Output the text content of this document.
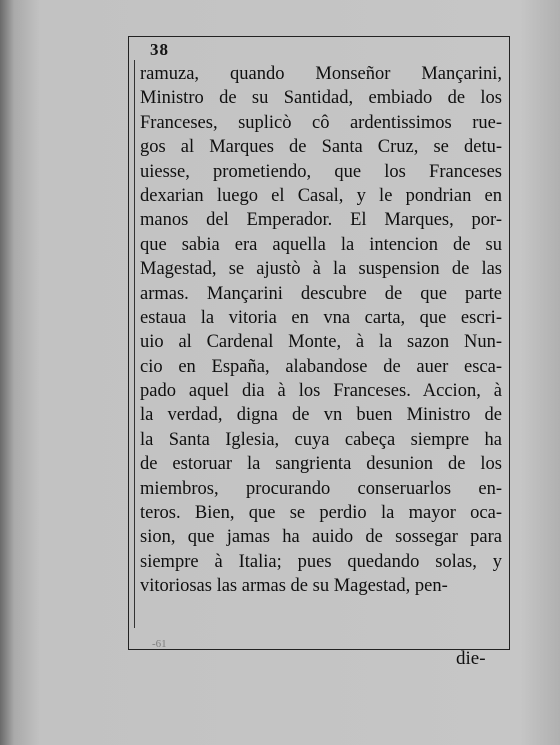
38
ramuza, quando Monseñor Mançarini,
Ministro de su Santidad, embiado de los
Franceses, suplicò cô ardentissimos rue-
gos al Marques de Santa Cruz, se detu-
uiesse, prometiendo, que los Franceses
dexarian luego el Casal, y le pondrian en
manos del Emperador. El Marques, por-
que sabia era aquella la intencion de su
Magestad, se ajustò à la suspension de las
armas. Mançarini descubre de que parte
estaua la vitoria en vna carta, que escri-
uio al Cardenal Monte, à la sazon Nun-
cio en España, alabandose de auer esca-
pado aquel dia à los Franceses. Accion, à
la verdad, digna de vn buen Ministro de
la Santa Iglesia, cuya cabeça siempre ha
de estoruar la sangrienta desunion de los
miembros, procurando conseruarlos en-
teros. Bien, que se perdio la mayor oca-
sion, que jamas ha auido de sossegar para
siempre à Italia; pues quedando solas, y
vitoriosas las armas de su Magestad, pen-
-61
die-
